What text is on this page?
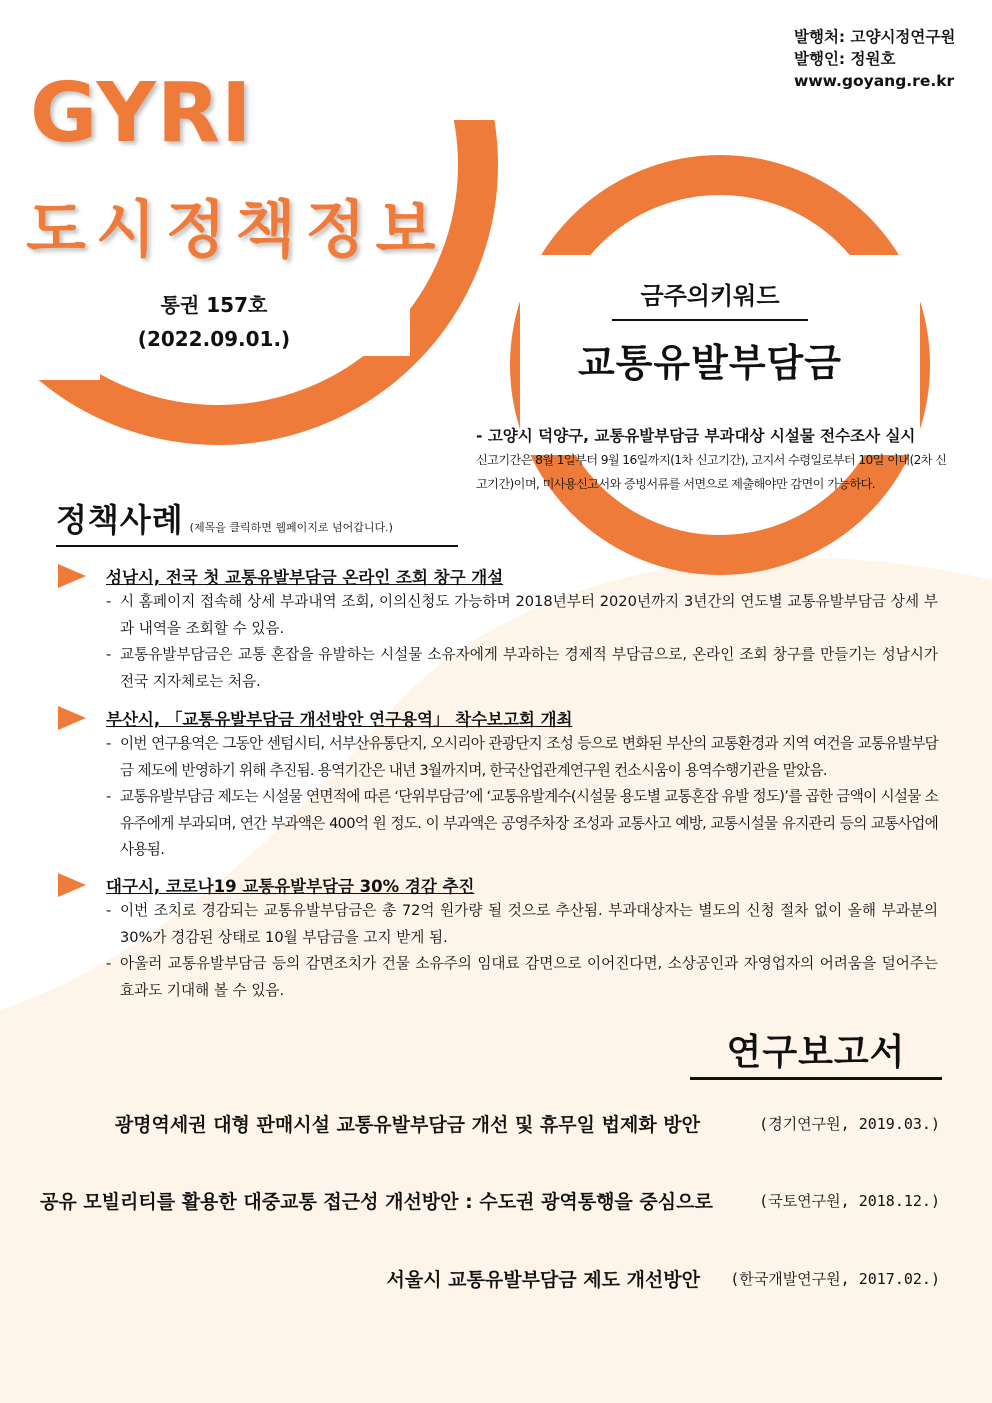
발행처: 고양시정연구원
발행인: 정원호
www.goyang.re.kr
GYRI
도시정책정보
통권 157호
(2022.09.01.)
금주의키워드
교통유발부담금
- 고양시 덕양구, 교통유발부담금 부과대상 시설물 전수조사 실시
신고기간은 8월 1일부터 9월 16일까지(1차 신고기간), 고지서 수령일로부터 10일 이내(2차 신고기간)이며, 미사용신고서와 증빙서류를 서면으로 제출해야만 감면이 가능하다.
정책사례 (제목을 클릭하면 웹페이지로 넘어갑니다.)
성남시, 전국 첫 교통유발부담금 온라인 조회 창구 개설
- 시 홈페이지 접속해 상세 부과내역 조회, 이의신청도 가능하며 2018년부터 2020년까지 3년간의 연도별 교통유발부담금 상세 부과 내역을 조회할 수 있음.
- 교통유발부담금은 교통 혼잡을 유발하는 시설물 소유자에게 부과하는 경제적 부담금으로, 온라인 조회 창구를 만들기는 성남시가 전국 지자체로는 처음.
부산시, 「교통유발부담금 개선방안 연구용역」 착수보고회 개최
- 이번 연구용역은 그동안 센텀시티, 서부산유통단지, 오시리아 관광단지 조성 등으로 변화된 부산의 교통환경과 지역 여건을 교통유발부담금 제도에 반영하기 위해 추진됨. 용역기간은 내년 3월까지며, 한국산업관계연구원 컨소시움이 용역수행기관을 맡았음.
- 교통유발부담금 제도는 시설물 연면적에 따른 ‘단위부담금’에 ‘교통유발계수(시설물 용도별 교통혼잡 유발 정도)’를 곱한 금액이 시설물 소유주에게 부과되며, 연간 부과액은 400억 원 정도. 이 부과액은 공영주차장 조성과 교통사고 예방, 교통시설물 유지관리 등의 교통사업에 사용됨.
대구시, 코로나19 교통유발부담금 30% 경감 추진
- 이번 조치로 경감되는 교통유발부담금은 총 72억 원가량 될 것으로 추산됨. 부과대상자는 별도의 신청 절차 없이 올해 부과분의 30%가 경감된 상태로 10월 부담금을 고지 받게 됨.
- 아울러 교통유발부담금 등의 감면조치가 건물 소유주의 임대료 감면으로 이어진다면, 소상공인과 자영업자의 어려움을 덜어주는 효과도 기대해 볼 수 있음.
연구보고서
광명역세권 대형 판매시설 교통유발부담금 개선 및 휴무일 법제화 방안	(경기연구원, 2019.03.)
공유 모빌리티를 활용한 대중교통 접근성 개선방안 : 수도권 광역통행을 중심으로	(국토연구원, 2018.12.)
서울시 교통유발부담금 제도 개선방안	(한국개발연구원, 2017.02.)
